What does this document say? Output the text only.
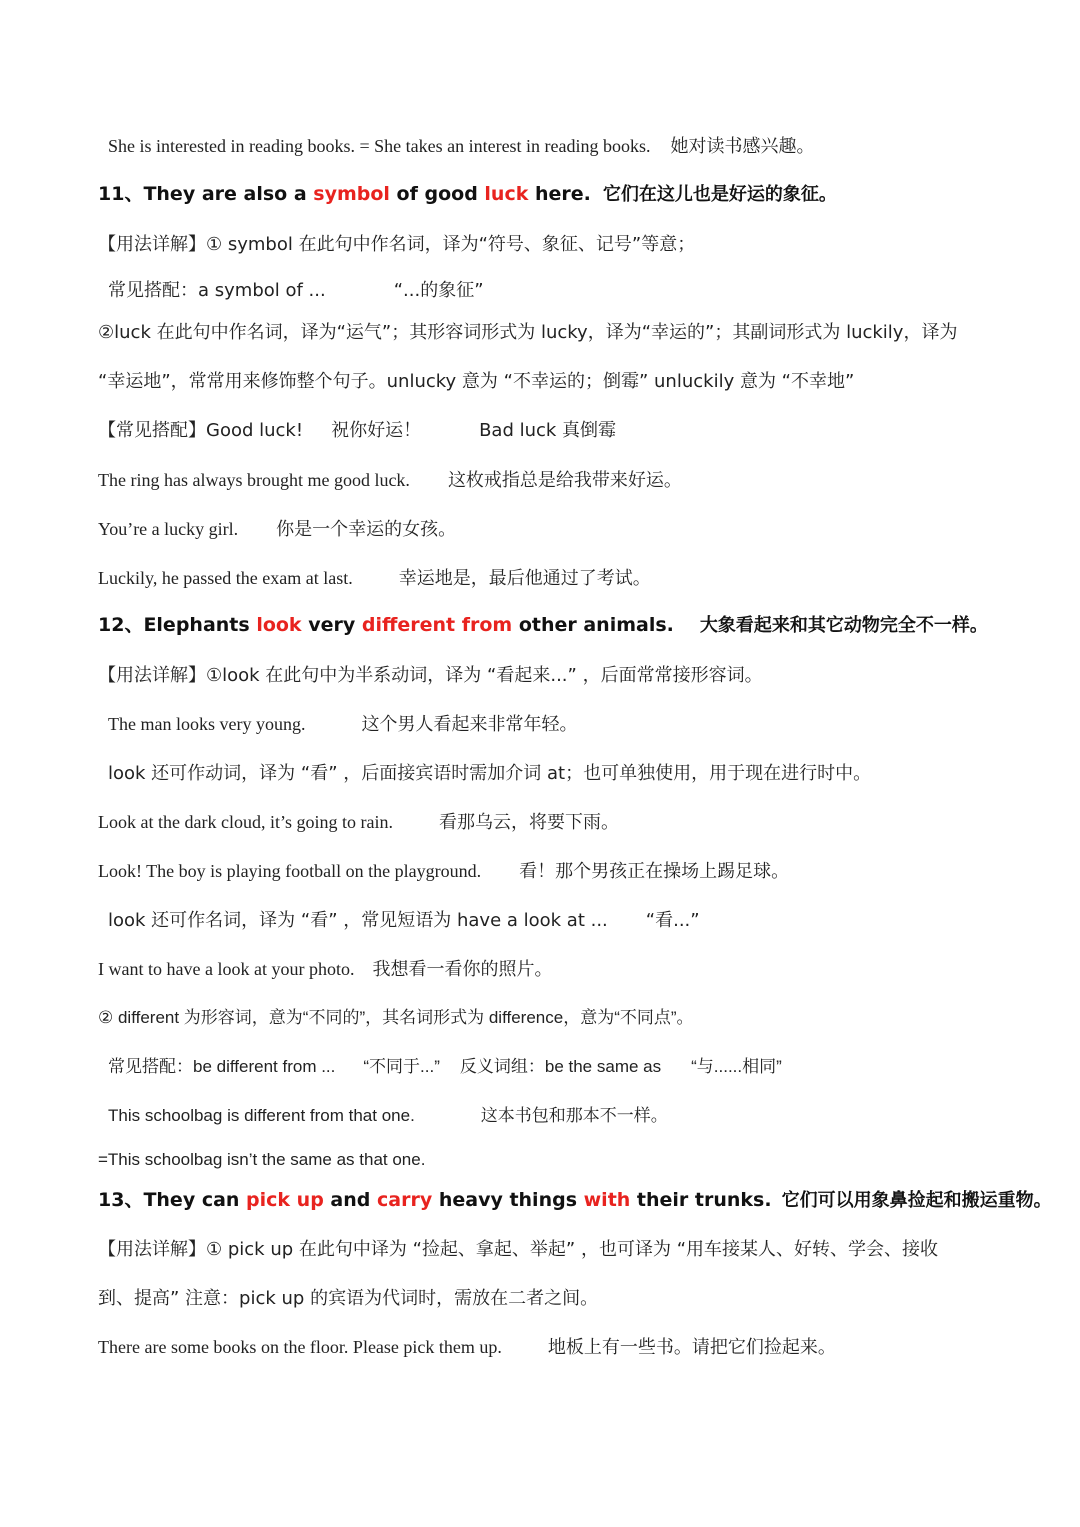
She is interested in reading books. = She takes an interest in reading books. 她对读书感兴趣。
11、They are also a symbol of good luck here. 它们在这儿也是好运的象征。
【用法详解】① symbol 在此句中作名词，译为“符号、象征、记号”等意；
常见搭配：a symbol of ...	“...的象征”
②luck 在此句中作名词，译为“运气”；其形容词形式为 lucky，译为“幸运的”；其副词形式为 luckily，译为
“幸运地”，常常用来修饰整个句子。unlucky 意为 “不幸运的；倒霉” unluckily 意为 “不幸地”
【常见搭配】Good luck! 祝你好运！	Bad luck 真倒霉
The ring has always brought me good luck. 这枚戒指总是给我带来好运。
You’re a lucky girl. 你是一个幸运的女孩。
Luckily, he passed the exam at last.	幸运地是，最后他通过了考试。
12、Elephants look very different from other animals. 大象看起来和其它动物完全不一样。
【用法详解】①look 在此句中为半系动词，译为 “看起来...” ，后面常常接形容词。
The man looks very young.	这个男人看起来非常年轻。
look 还可作动词，译为 “看” ，后面接宾语时需加介词 at；也可单独使用，用于现在进行时中。
Look at the dark cloud, it’s going to rain.	看那乌云，将要下雨。
Look! The boy is playing football on the playground. 看！那个男孩正在操场上踢足球。
look 还可作名词，译为 “看” ，常见短语为 have a look at ... “看...”
I want to have a look at your photo. 我想看一看你的照片。
② different 为形容词，意为“不同的”，其名词形式为 difference，意为“不同点”。
常见搭配：be different from ... “不同于...” 反义词组：be the same as “与......相同”
This schoolbag is different from that one.	这本书包和那本不一样。
=This schoolbag isn’t the same as that one.
13、They can pick up and carry heavy things with their trunks. 它们可以用象鼻捡起和搬运重物。
【用法详解】① pick up 在此句中译为 “捡起、拿起、举起” ，也可译为 “用车接某人、好转、学会、接收
到、提高” 注意：pick up 的宾语为代词时，需放在二者之间。
There are some books on the floor. Please pick them up.	地板上有一些书。请把它们捡起来。
